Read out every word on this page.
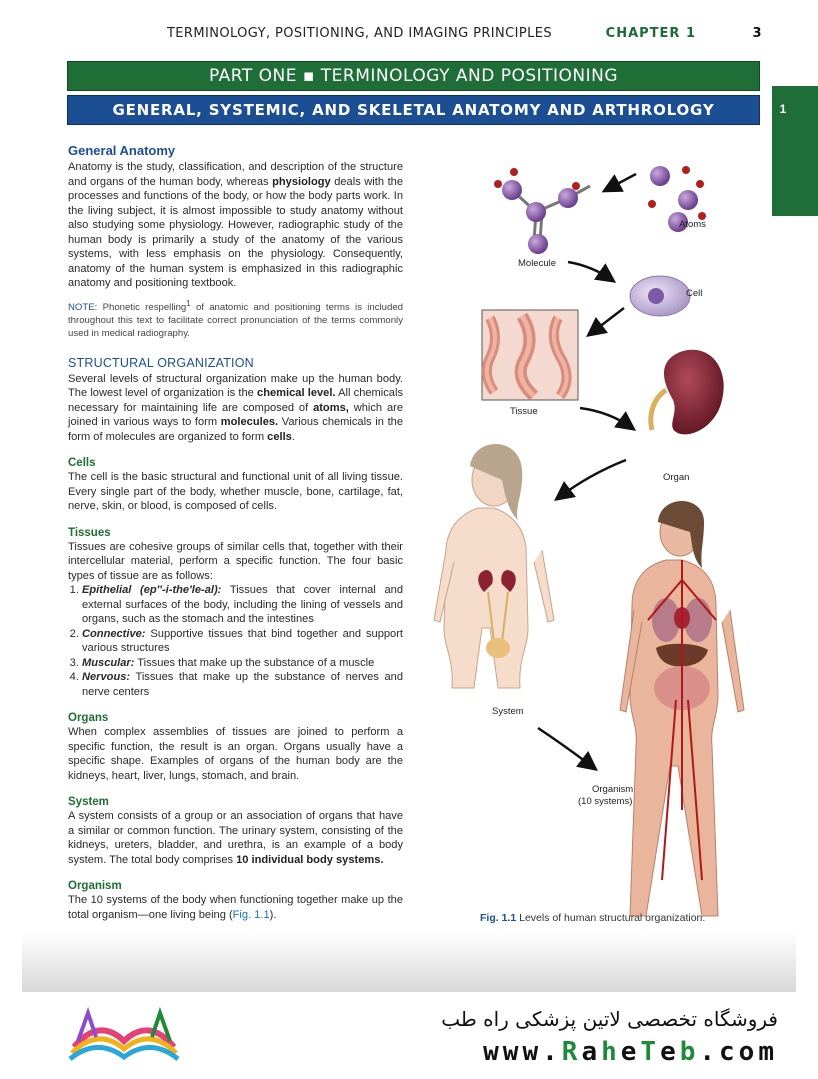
TERMINOLOGY, POSITIONING, AND IMAGING PRINCIPLES	CHAPTER 1	3
1
PART ONE ▪ TERMINOLOGY AND POSITIONING
GENERAL, SYSTEMIC, AND SKELETAL ANATOMY AND ARTHROLOGY
General Anatomy

Anatomy is the study, classification, and description of the structure and organs of the human body, whereas physiology deals with the processes and functions of the body, or how the body parts work. In the living subject, it is almost impossible to study anatomy without also studying some physiology. However, radiographic study of the human body is primarily a study of the anatomy of the various systems, with less emphasis on the physiology. Consequently, anatomy of the human system is emphasized in this radiographic anatomy and positioning textbook.

NOTE: Phonetic respelling$^1$ of anatomic and positioning terms is included throughout this text to facilitate correct pronunciation of the terms commonly used in medical radiography.

STRUCTURAL ORGANIZATION

Several levels of structural organization make up the human body. The lowest level of organization is the chemical level. All chemicals necessary for maintaining life are composed of atoms, which are joined in various ways to form molecules. Various chemicals in the form of molecules are organized to form cells.

Cells

The cell is the basic structural and functional unit of all living tissue. Every single part of the body, whether muscle, bone, cartilage, fat, nerve, skin, or blood, is composed of cells.

Tissues

Tissues are cohesive groups of similar cells that, together with their intercellular material, perform a specific function. The four basic types of tissue are as follows:

1. Epithelial (ep″-i-the′le-al): Tissues that cover internal and external surfaces of the body, including the lining of vessels and organs, such as the stomach and the intestines
2. Connective: Supportive tissues that bind together and support various structures
3. Muscular: Tissues that make up the substance of a muscle
4. Nervous: Tissues that make up the substance of nerves and nerve centers
Organs

When complex assemblies of tissues are joined to perform a specific function, the result is an organ. Organs usually have a specific shape. Examples of organs of the human body are the kidneys, heart, liver, lungs, stomach, and brain.

System

A system consists of a group or an association of organs that have a similar or common function. The urinary system, consisting of the kidneys, ureters, bladder, and urethra, is an example of a body system. The total body comprises 10 individual body systems.

Organism

The 10 systems of the body when functioning together make up the total organism—one living being (Fig. 1.1).

Atoms
Molecule
Cell
Tissue
Organ
System
Organism
(10 systems)
Fig. 1.1 Levels of human structural organization.
فروشگاه تخصصی لاتین پزشکی راه طب
www.RaheTeb.com
